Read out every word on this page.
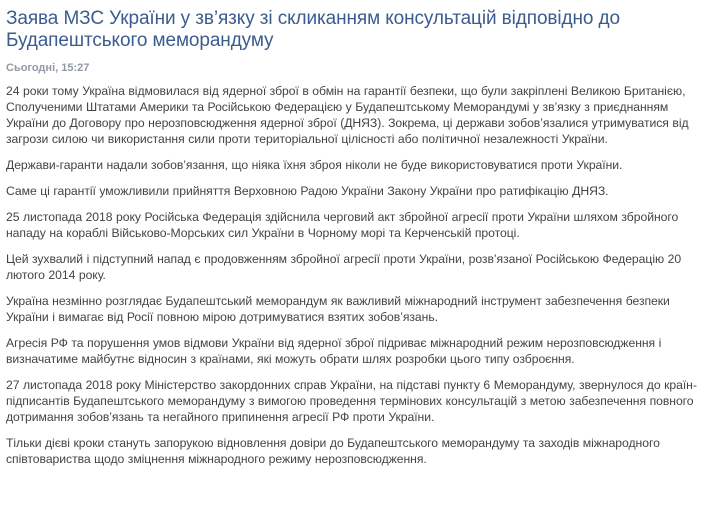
Заява МЗС України у зв’язку зі скликанням консультацій відповідно до Будапештського меморандуму
Сьогодні, 15:27

24 роки тому Україна відмовилася від ядерної зброї в обмін на гарантії безпеки, що були закріплені Великою Британією, Сполученими Штатами Америки та Російською Федерацією у Будапештському Меморандумі у зв’язку з приєднанням України до Договору про нерозповсюдження ядерної зброї (ДНЯЗ). Зокрема, ці держави зобов’язалися утримуватися від загрози силою чи використання сили проти територіальної цілісності або політичної незалежності України.

Держави-гаранти надали зобов’язання, що ніяка їхня зброя ніколи не буде використовуватися проти України.

Саме ці гарантії уможливили прийняття Верховною Радою України Закону України про ратифікацію ДНЯЗ.

25 листопада 2018 року Російська Федерація здійснила черговий акт збройної агресії проти України шляхом збройного нападу на кораблі Військово-Морських сил України в Чорному морі та Керченській протоці.

Цей зухвалий і підступний напад є продовженням збройної агресії проти України, розв’язаної Російською Федерацію 20 лютого 2014 року.

Україна незмінно розглядає Будапештський меморандум як важливий міжнародний інструмент забезпечення безпеки України і вимагає від Росії повною мірою дотримуватися взятих зобов’язань.

Агресія РФ та порушення умов відмови України від ядерної зброї підриває міжнародний режим нерозповсюдження і визначатиме майбутнє відносин з країнами, які можуть обрати шлях розробки цього типу озброєння.

27 листопада 2018 року Міністерство закордонних справ України, на підставі пункту 6 Меморандуму, звернулося до країн-підписантів Будапештського меморандуму з вимогою проведення термінових консультацій з метою забезпечення повного дотримання зобов’язань та негайного припинення агресії РФ проти України.

Тільки дієві кроки стануть запорукою відновлення довіри до Будапештського меморандуму та заходів міжнародного співтовариства щодо зміцнення міжнародного режиму нерозповсюдження.
